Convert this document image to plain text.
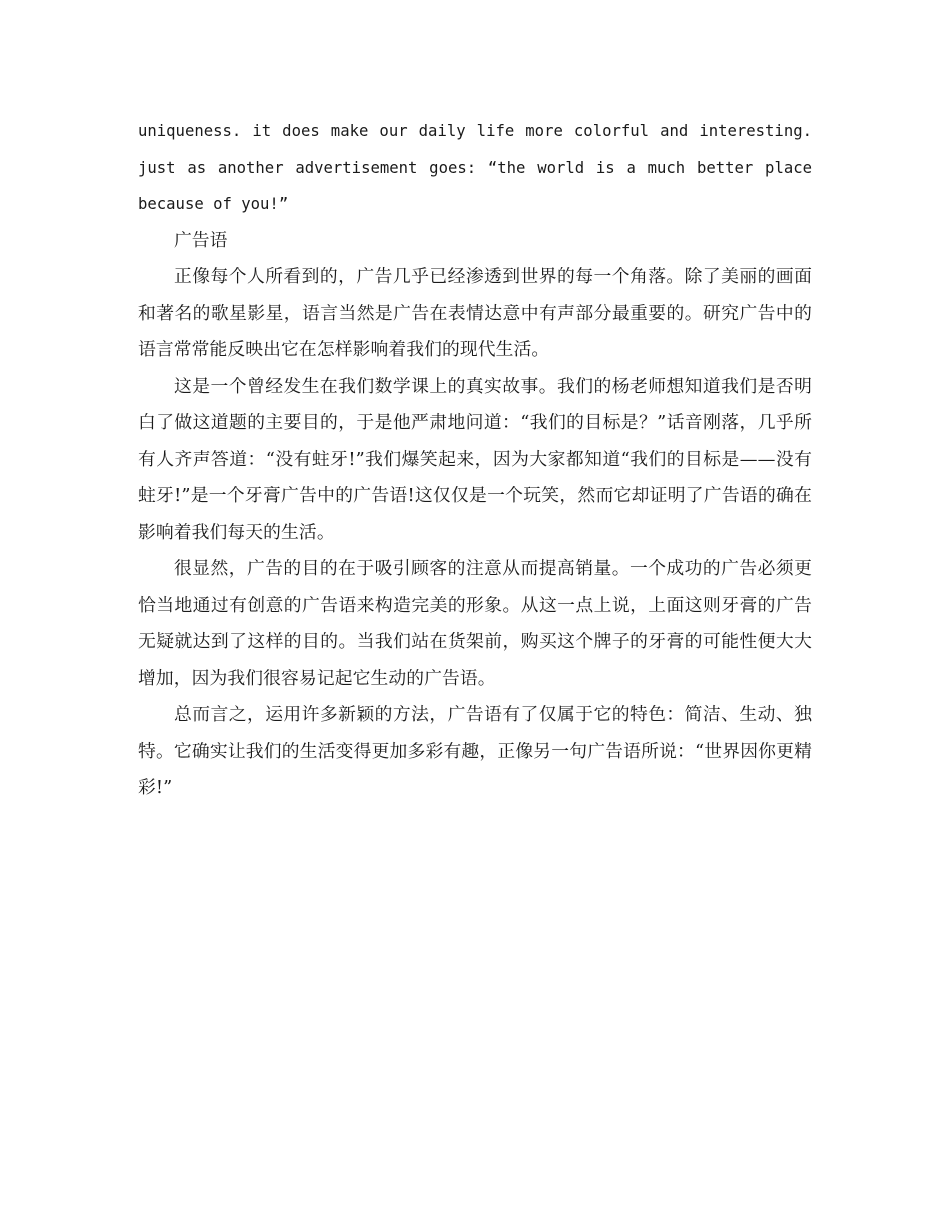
uniqueness. it does make our daily life more colorful and interesting. just as another advertisement goes: “the world is a much better place because of you!”

广告语

正像每个人所看到的，广告几乎已经渗透到世界的每一个角落。除了美丽的画面和著名的歌星影星，语言当然是广告在表情达意中有声部分最重要的。研究广告中的语言常常能反映出它在怎样影响着我们的现代生活。

这是一个曾经发生在我们数学课上的真实故事。我们的杨老师想知道我们是否明白了做这道题的主要目的，于是他严肃地问道：“我们的目标是？”话音刚落，几乎所有人齐声答道：“没有蛀牙!”我们爆笑起来，因为大家都知道“我们的目标是——没有蛀牙!”是一个牙膏广告中的广告语!这仅仅是一个玩笑，然而它却证明了广告语的确在影响着我们每天的生活。

很显然，广告的目的在于吸引顾客的注意从而提高销量。一个成功的广告必须更恰当地通过有创意的广告语来构造完美的形象。从这一点上说，上面这则牙膏的广告无疑就达到了这样的目的。当我们站在货架前，购买这个牌子的牙膏的可能性便大大增加，因为我们很容易记起它生动的广告语。

总而言之，运用许多新颖的方法，广告语有了仅属于它的特色：简洁、生动、独特。它确实让我们的生活变得更加多彩有趣，正像另一句广告语所说：“世界因你更精彩!”
